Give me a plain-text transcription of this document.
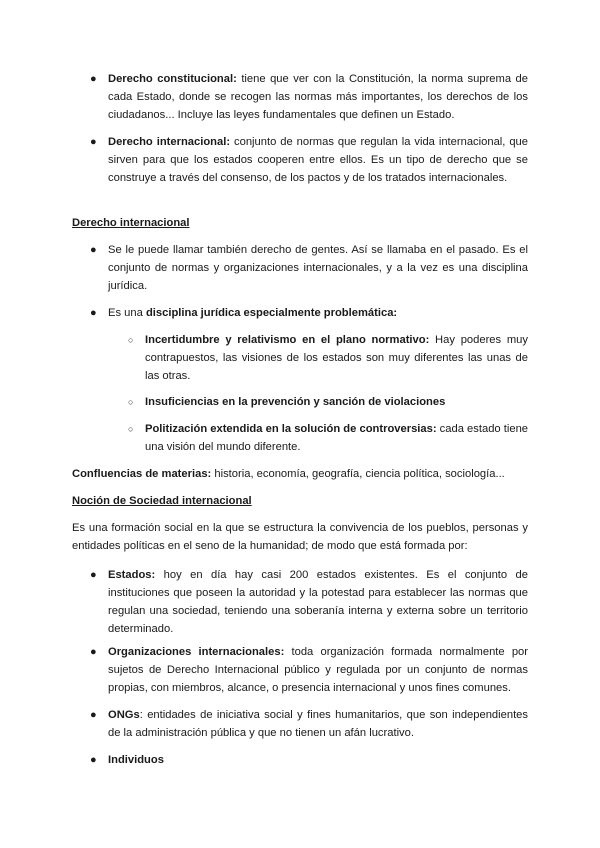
● Derecho constitucional: tiene que ver con la Constitución, la norma suprema de cada Estado, donde se recogen las normas más importantes, los derechos de los ciudadanos... Incluye las leyes fundamentales que definen un Estado.

● Derecho internacional: conjunto de normas que regulan la vida internacional, que sirven para que los estados cooperen entre ellos. Es un tipo de derecho que se construye a través del consenso, de los pactos y de los tratados internacionales.

Derecho internacional

● Se le puede llamar también derecho de gentes. Así se llamaba en el pasado. Es el conjunto de normas y organizaciones internacionales, y a la vez es una disciplina jurídica.

● Es una disciplina jurídica especialmente problemática:

○ Incertidumbre y relativismo en el plano normativo: Hay poderes muy contrapuestos, las visiones de los estados son muy diferentes las unas de las otras.

○ Insuficiencias en la prevención y sanción de violaciones

○ Politización extendida en la solución de controversias: cada estado tiene una visión del mundo diferente.

Confluencias de materias: historia, economía, geografía, ciencia política, sociología...

Noción de Sociedad internacional

Es una formación social en la que se estructura la convivencia de los pueblos, personas y entidades políticas en el seno de la humanidad; de modo que está formada por:

● Estados: hoy en día hay casi 200 estados existentes. Es el conjunto de instituciones que poseen la autoridad y la potestad para establecer las normas que regulan una sociedad, teniendo una soberanía interna y externa sobre un territorio determinado.

● Organizaciones internacionales: toda organización formada normalmente por sujetos de Derecho Internacional público y regulada por un conjunto de normas propias, con miembros, alcance, o presencia internacional y unos fines comunes.

● ONGs: entidades de iniciativa social y fines humanitarios, que son independientes de la administración pública y que no tienen un afán lucrativo.

● Individuos
